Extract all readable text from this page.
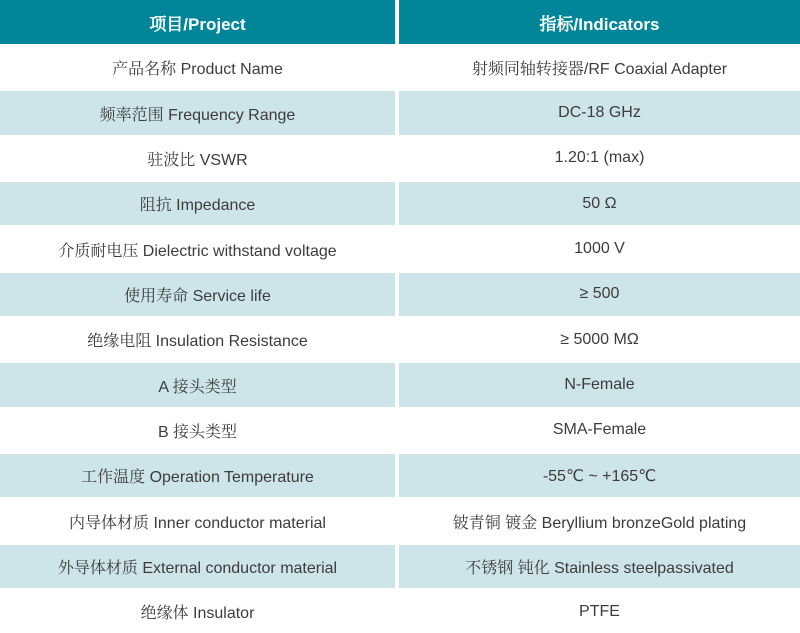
项目/Project	指标/Indicators
产品名称 Product Name	射频同轴转接器/RF Coaxial Adapter
频率范围 Frequency Range	DC-18 GHz
驻波比 VSWR	1.20:1 (max)
阻抗 Impedance	50 Ω
介质耐电压 Dielectric withstand voltage	1000 V
使用寿命 Service life	≥ 500
绝缘电阻 Insulation Resistance	≥ 5000 MΩ
A 接头类型	N-Female
B 接头类型	SMA-Female
工作温度 Operation Temperature	-55℃ ~ +165℃
内导体材质 Inner conductor material	铍青铜 镀金 Beryllium bronzeGold plating
外导体材质 External conductor material	不锈钢 钝化 Stainless steelpassivated
绝缘体 Insulator	PTFE
